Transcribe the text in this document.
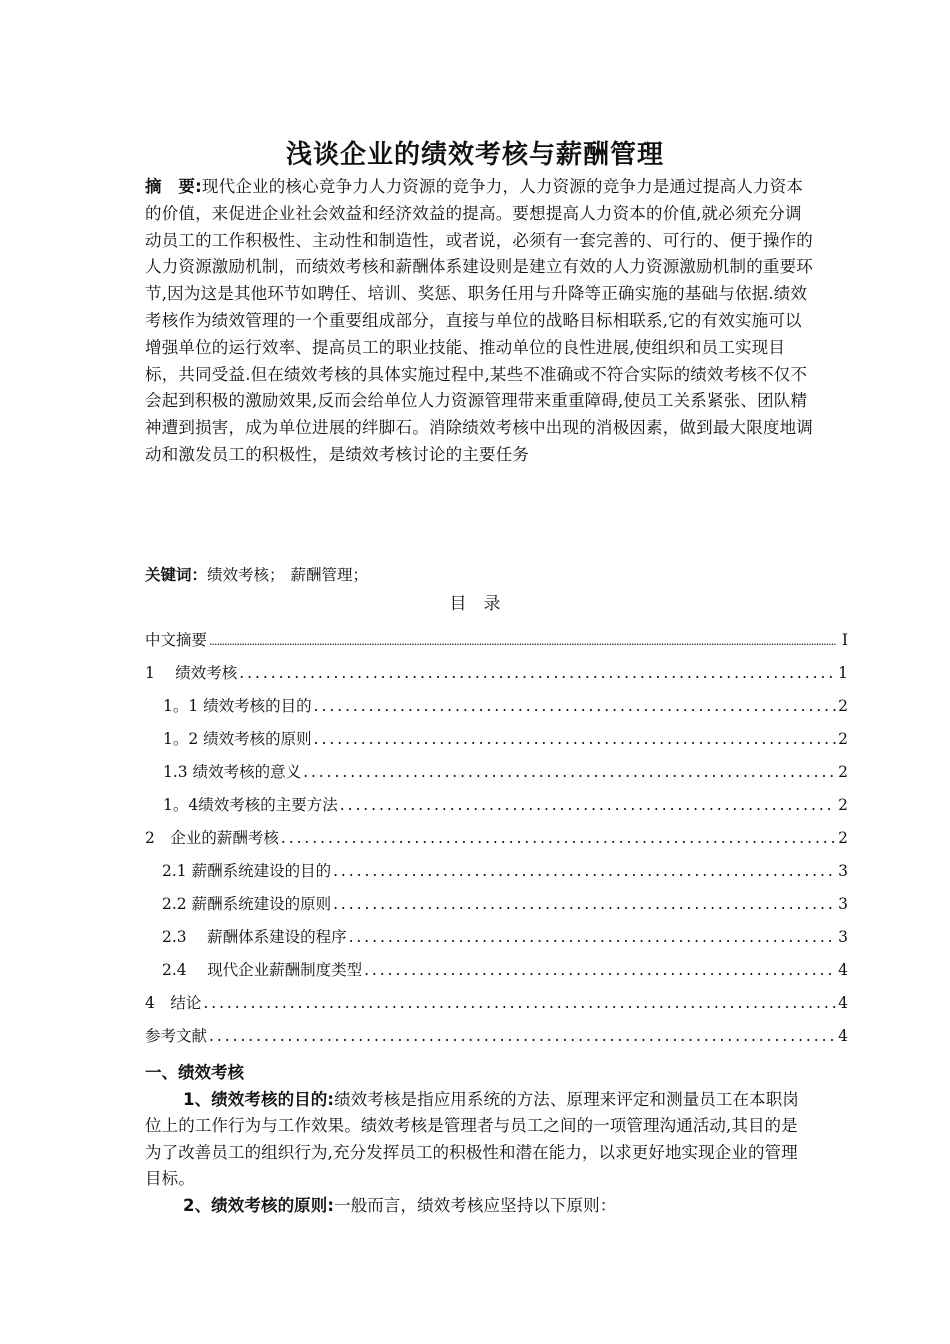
浅谈企业的绩效考核与薪酬管理
摘　要:现代企业的核心竞争力人力资源的竞争力，人力资源的竞争力是通过提高人力资本的价值，来促进企业社会效益和经济效益的提高。要想提高人力资本的价值,就必须充分调动员工的工作积极性、主动性和制造性，或者说，必须有一套完善的、可行的、便于操作的人力资源激励机制，而绩效考核和薪酬体系建设则是建立有效的人力资源激励机制的重要环节,因为这是其他环节如聘任、培训、奖惩、职务任用与升降等正确实施的基础与依据.绩效考核作为绩效管理的一个重要组成部分，直接与单位的战略目标相联系,它的有效实施可以增强单位的运行效率、提高员工的职业技能、推动单位的良性进展,使组织和员工实现目标，共同受益.但在绩效考核的具体实施过程中,某些不准确或不符合实际的绩效考核不仅不会起到积极的激励效果,反而会给单位人力资源管理带来重重障碍,使员工关系紧张、团队精神遭到损害，成为单位进展的绊脚石。消除绩效考核中出现的消极因素，做到最大限度地调动和激发员工的积极性，是绩效考核讨论的主要任务
关键词：绩效考核； 薪酬管理；
目　录
中文摘要 .....	I
1　 绩效考核 . . .	1
1。1 绩效考核的目的 . . .	2
1。2 绩效考核的原则 . . .	2
1.3 绩效考核的意义 . . .	2
1。4绩效考核的主要方法 . . .	2
2　企业的薪酬考核 . . .	2
2.1 薪酬系统建设的目的 . . .	3
2.2 薪酬系统建设的原则 . . .	3
2.3　 薪酬体系建设的程序 . . .	3
2.4　 现代企业薪酬制度类型 . . .	4
4　结论 . . .	4
参考文献 . . .	4
一、绩效考核
1、绩效考核的目的:绩效考核是指应用系统的方法、原理来评定和测量员工在本职岗位上的工作行为与工作效果。绩效考核是管理者与员工之间的一项管理沟通活动,其目的是为了改善员工的组织行为,充分发挥员工的积极性和潜在能力，以求更好地实现企业的管理目标。
2、绩效考核的原则:一般而言，绩效考核应坚持以下原则：
